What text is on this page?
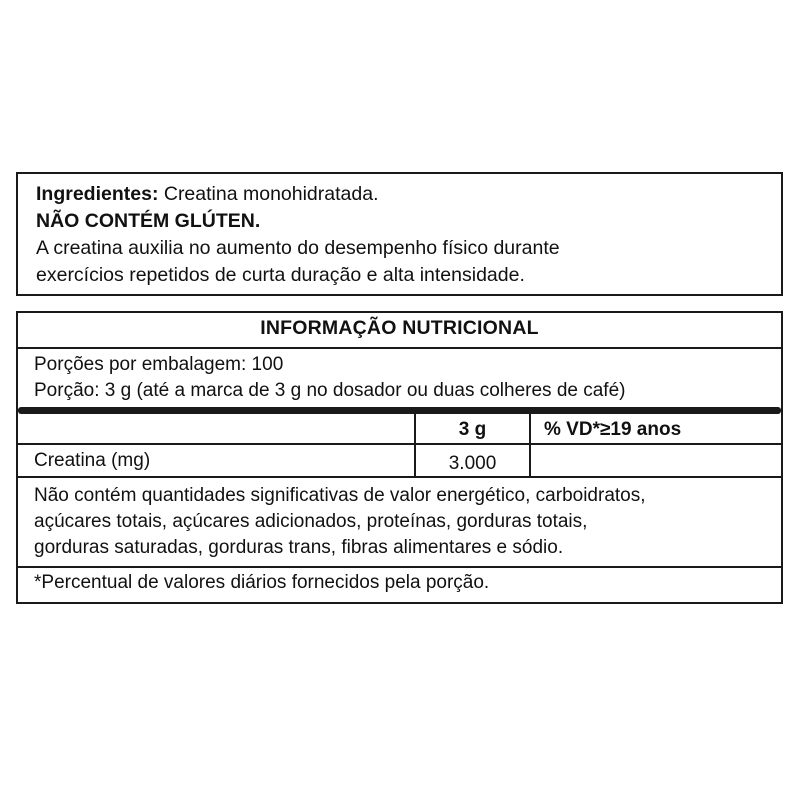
Ingredientes: Creatina monohidratada.
NÃO CONTÉM GLÚTEN.
A creatina auxilia no aumento do desempenho físico durante
exercícios repetidos de curta duração e alta intensidade.
INFORMAÇÃO NUTRICIONAL
Porções por embalagem: 100
Porção: 3 g (até a marca de 3 g no dosador ou duas colheres de café)
3 g	% VD*≥19 anos
Creatina (mg)	3.000
Não contém quantidades significativas de valor energético, carboidratos,
açúcares totais, açúcares adicionados, proteínas, gorduras totais,
gorduras saturadas, gorduras trans, fibras alimentares e sódio.
*Percentual de valores diários fornecidos pela porção.
